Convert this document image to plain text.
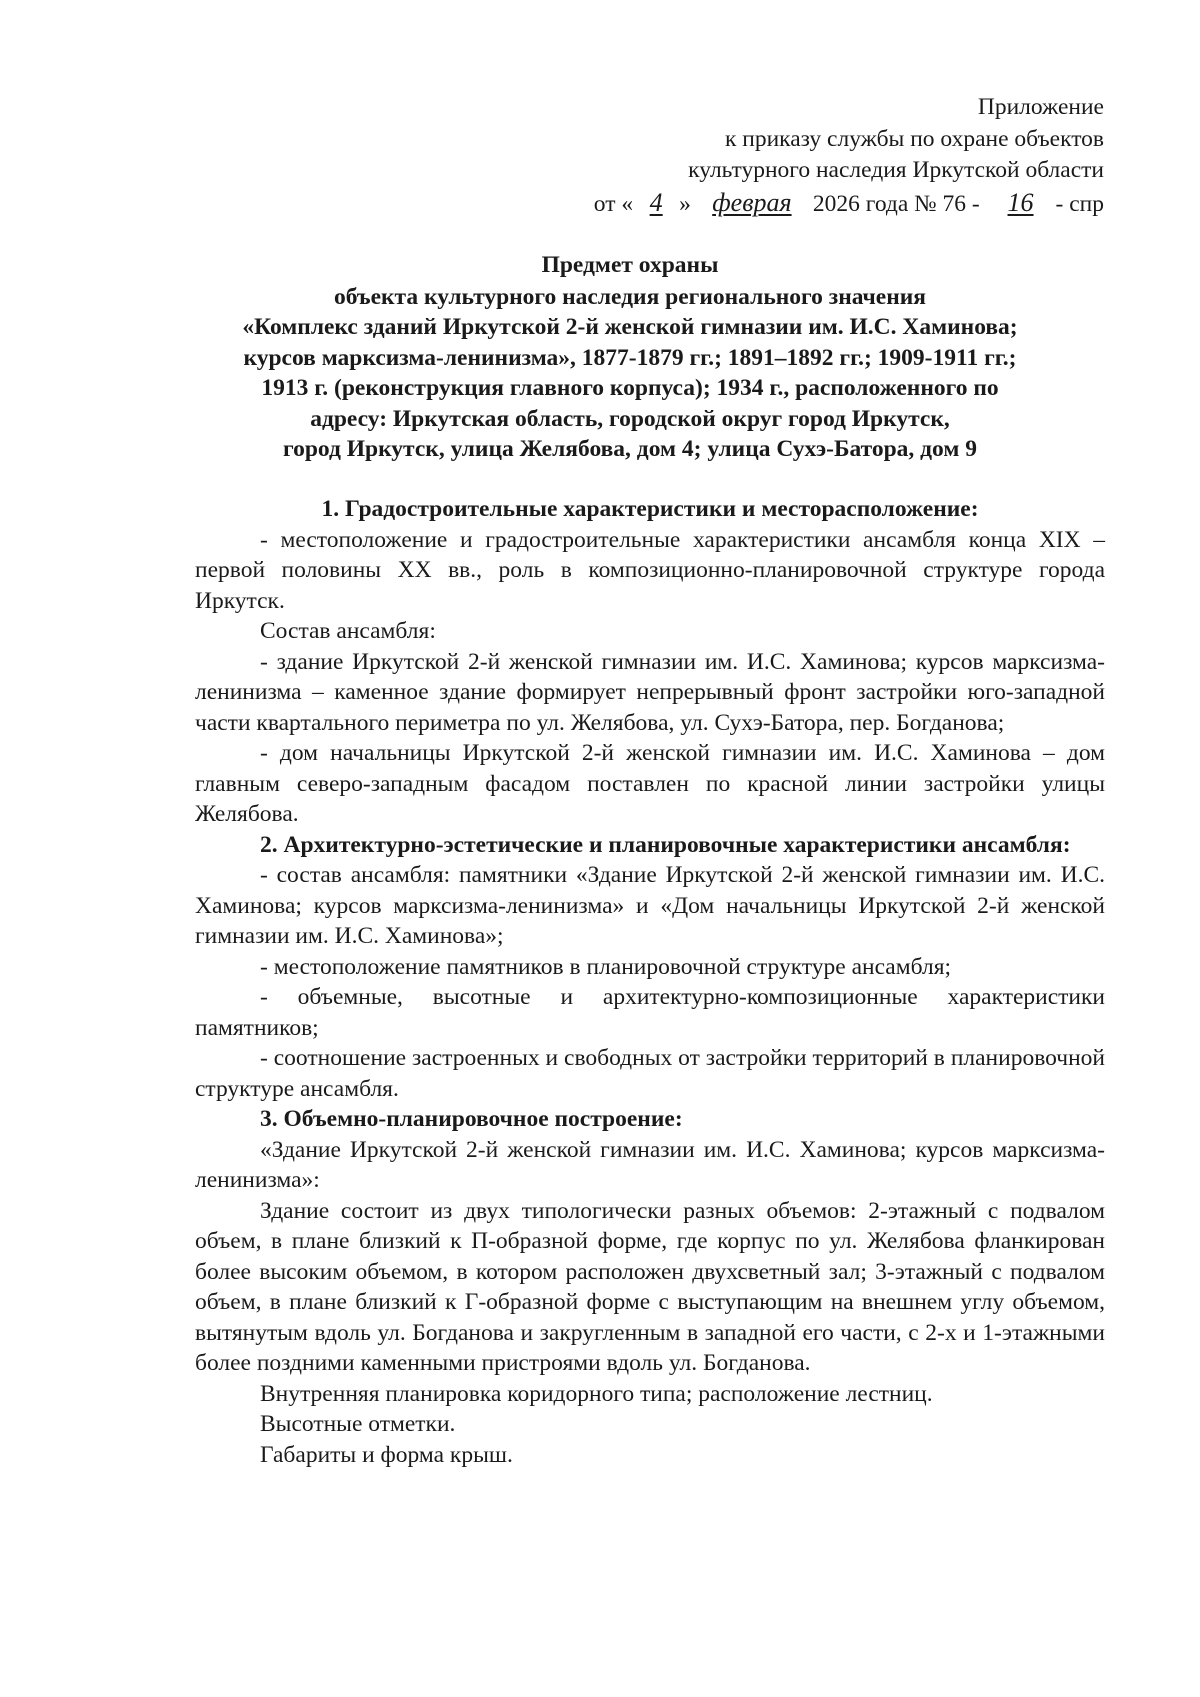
Приложение
к приказу службы по охране объектов
культурного наследия Иркутской области
от « 4 » феврая 2026 года № 76 - 16 - спр
Предмет охраны
объекта культурного наследия регионального значения
«Комплекс зданий Иркутской 2-й женской гимназии им. И.С. Хаминова;
курсов марксизма-ленинизма», 1877-1879 гг.; 1891–1892 гг.; 1909-1911 гг.;
1913 г. (реконструкция главного корпуса); 1934 г., расположенного по
адресу: Иркутская область, городской округ город Иркутск,
город Иркутск, улица Желябова, дом 4; улица Сухэ-Батора, дом 9

1. Градостроительные характеристики и месторасположение:

- местоположение и градостроительные характеристики ансамбля конца XIX – первой половины XX вв., роль в композиционно-планировочной структуре города Иркутск.

Состав ансамбля:

- здание Иркутской 2-й женской гимназии им. И.С. Хаминова; курсов марксизма-ленинизма – каменное здание формирует непрерывный фронт застройки юго-западной части квартального периметра по ул. Желябова, ул. Сухэ-Батора, пер. Богданова;

- дом начальницы Иркутской 2-й женской гимназии им. И.С. Хаминова – дом главным северо-западным фасадом поставлен по красной линии застройки улицы Желябова.

2. Архитектурно-эстетические и планировочные характеристики ансамбля:

- состав ансамбля: памятники «Здание Иркутской 2-й женской гимназии им. И.С. Хаминова; курсов марксизма-ленинизма» и «Дом начальницы Иркутской 2-й женской гимназии им. И.С. Хаминова»;

- местоположение памятников в планировочной структуре ансамбля;

- объемные, высотные и архитектурно-композиционные характеристики памятников;

- соотношение застроенных и свободных от застройки территорий в планировочной структуре ансамбля.

3. Объемно-планировочное построение:

«Здание Иркутской 2-й женской гимназии им. И.С. Хаминова; курсов марксизма-ленинизма»:

Здание состоит из двух типологически разных объемов: 2-этажный с подвалом объем, в плане близкий к П-образной форме, где корпус по ул. Желябова фланкирован более высоким объемом, в котором расположен двухсветный зал; 3-этажный с подвалом объем, в плане близкий к Г-образной форме с выступающим на внешнем углу объемом, вытянутым вдоль ул. Богданова и закругленным в западной его части, с 2-х и 1-этажными более поздними каменными пристроями вдоль ул. Богданова.

Внутренняя планировка коридорного типа; расположение лестниц.

Высотные отметки.

Габариты и форма крыш.
